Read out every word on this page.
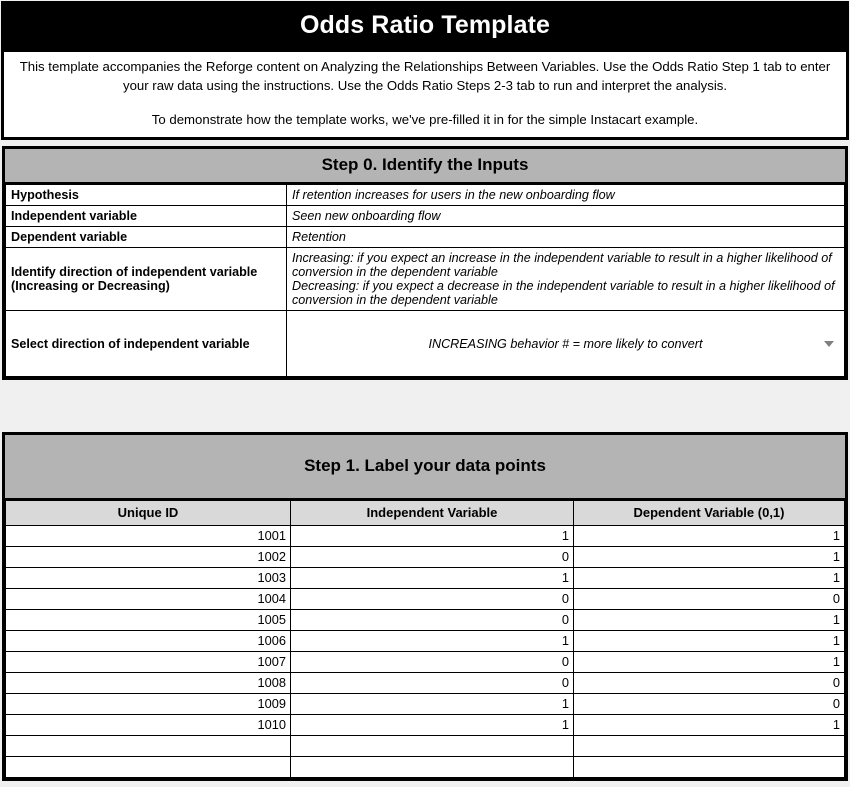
Odds Ratio Template

This template accompanies the Reforge content on Analyzing the Relationships Between Variables. Use the Odds Ratio Step 1 tab to enter your raw data using the instructions. Use the Odds Ratio Steps 2-3 tab to run and interpret the analysis.

To demonstrate how the template works, we've pre-filled it in for the simple Instacart example.

Step 0. Identify the Inputs
Hypothesis	If retention increases for users in the new onboarding flow
Independent variable	Seen new onboarding flow
Dependent variable	Retention
Identify direction of independent variable (Increasing or Decreasing)	Increasing: if you expect an increase in the independent variable to result in a higher likelihood of conversion in the dependent variable
Decreasing: if you expect a decrease in the independent variable to result in a higher likelihood of conversion in the dependent variable

Select direction of independent variable	INCREASING behavior # = more likely to convert
Step 1. Label your data points
Unique ID	Independent Variable	Dependent Variable (0,1)
1001	1	1
1002	0	1
1003	1	1
1004	0	0
1005	0	1
1006	1	1
1007	0	1
1008	0	0
1009	1	0
1010	1	1
